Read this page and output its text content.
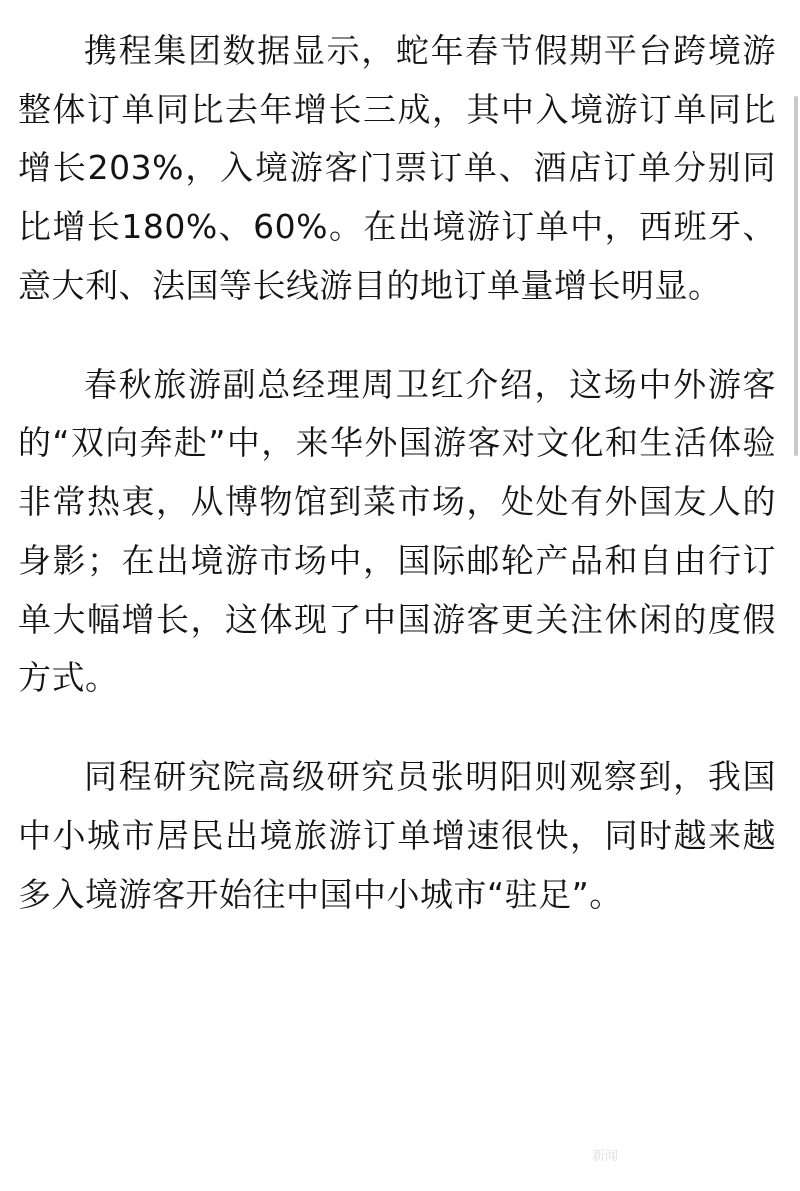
携程集团数据显示，蛇年春节假期平台跨境游整体订单同比去年增长三成，其中入境游订单同比增长203%，入境游客门票订单、酒店订单分别同比增长180%、60%。在出境游订单中，西班牙、意大利、法国等长线游目的地订单量增长明显。

春秋旅游副总经理周卫红介绍，这场中外游客的“双向奔赴”中，来华外国游客对文化和生活体验非常热衷，从博物馆到菜市场，处处有外国友人的身影；在出境游市场中，国际邮轮产品和自由行订单大幅增长，这体现了中国游客更关注休闲的度假方式。

同程研究院高级研究员张明阳则观察到，我国中小城市居民出境旅游订单增速很快，同时越来越多入境游客开始往中国中小城市“驻足”。

新闻
